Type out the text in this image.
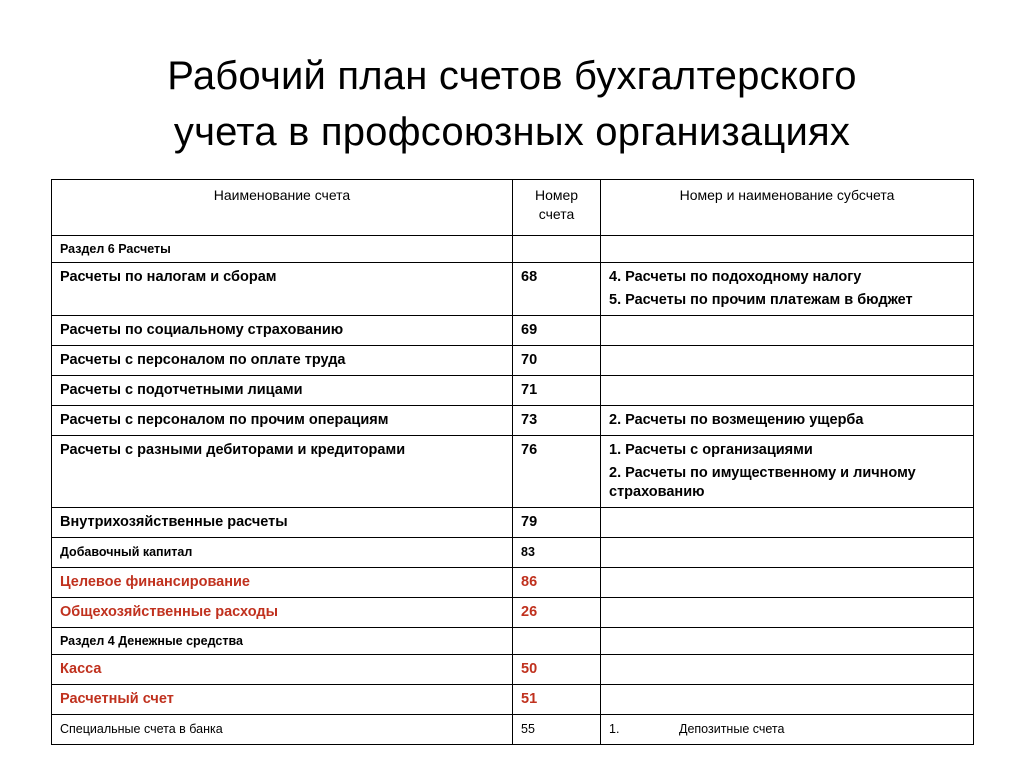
Рабочий план счетов бухгалтерского
учета в профсоюзных организациях
Наименование счета	Номер счета	Номер и наименование субсчета
Раздел 6 Расчеты		
Расчеты по налогам и сборам	68	4. Расчеты по подоходному налогу
5. Расчеты по прочим платежам в бюджет

Расчеты по социальному страхованию	69	
Расчеты с персоналом по оплате труда	70	
Расчеты с подотчетными лицами	71	
Расчеты с персоналом по прочим операциям	73	2. Расчеты по возмещению ущерба

Расчеты с разными дебиторами и кредиторами	76	1. Расчеты с организациями
2. Расчеты по имущественному и личному страхованию

Внутрихозяйственные расчеты	79	
Добавочный капитал	83	
Целевое финансирование	86	
Общехозяйственные расходы	26	
Раздел 4 Денежные средства		
Касса	50	
Расчетный счет	51	
Специальные счета в банка	55	1. Депозитные счета
